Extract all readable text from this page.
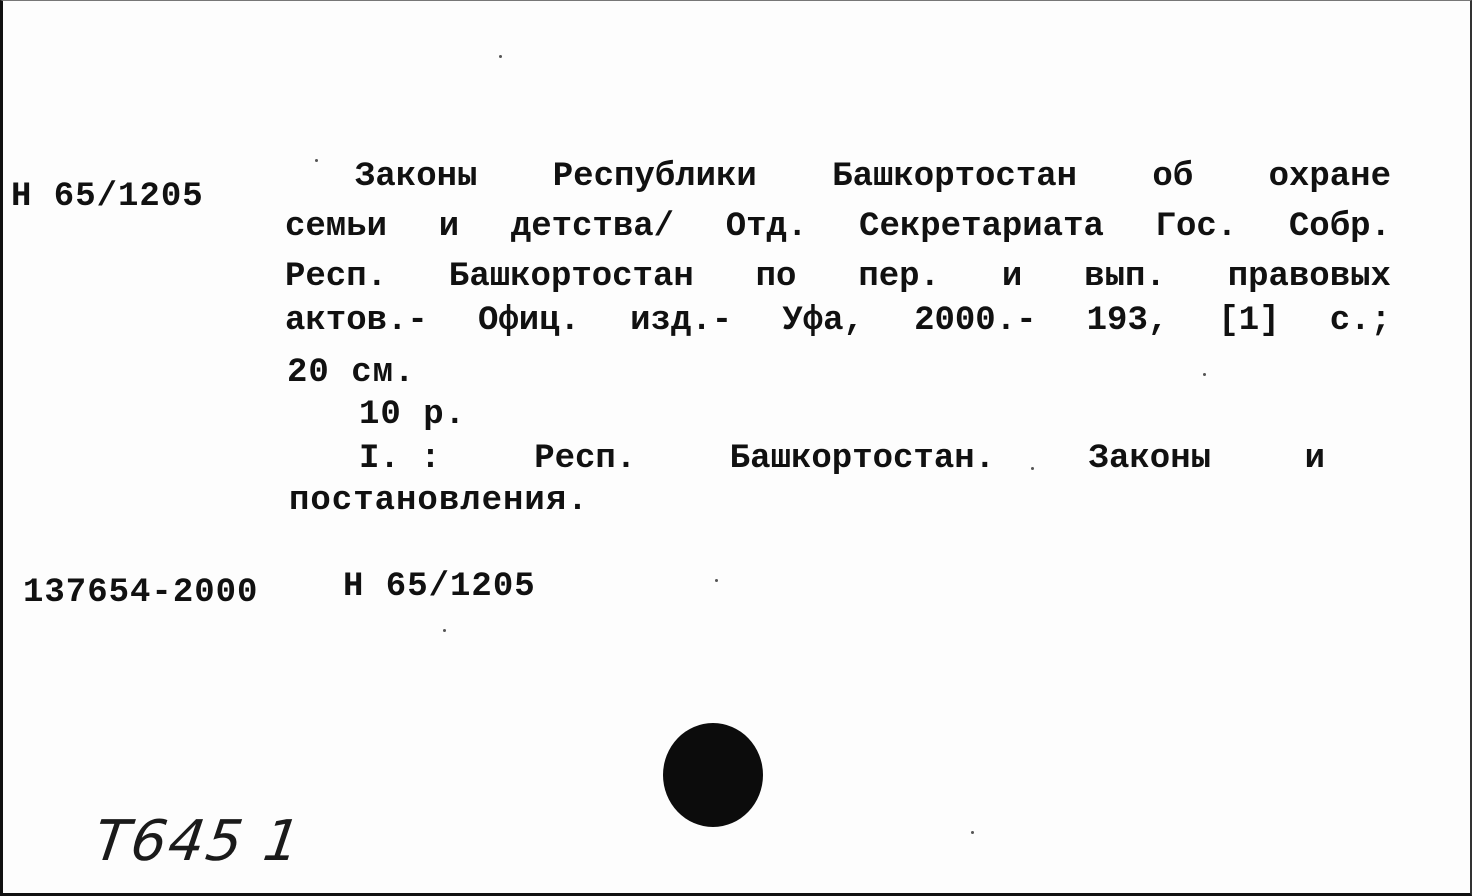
Н 65/1205
Законы Республики Башкортостан об охране
семьи и детства/ Отд. Секретариата Гос. Собр.
Респ. Башкортостан по пер. и вып. правовых
актов.- Офиц. изд.- Уфа, 2000.- 193, [1] с.;
20 см.
10 р.
I. :	Респ.	Башкортостан.	Законы	и
постановления.
137654-2000 Н 65/1205
Т645 1
